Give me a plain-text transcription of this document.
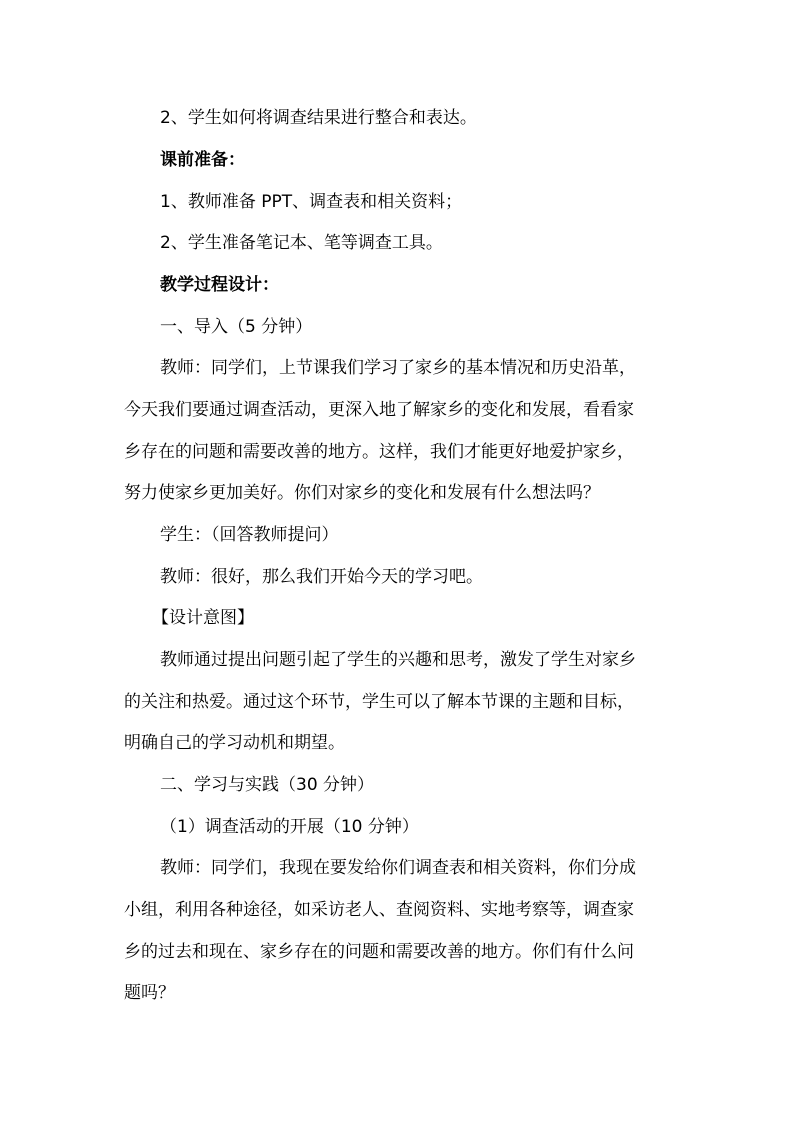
2、学生如何将调查结果进行整合和表达。
课前准备：
1、教师准备 PPT、调查表和相关资料；
2、学生准备笔记本、笔等调查工具。
教学过程设计：
一、导入（5 分钟）
教师：同学们，上节课我们学习了家乡的基本情况和历史沿革，
今天我们要通过调查活动，更深入地了解家乡的变化和发展，看看家
乡存在的问题和需要改善的地方。这样，我们才能更好地爱护家乡，
努力使家乡更加美好。你们对家乡的变化和发展有什么想法吗？
学生：（回答教师提问）
教师：很好，那么我们开始今天的学习吧。
【设计意图】
教师通过提出问题引起了学生的兴趣和思考，激发了学生对家乡
的关注和热爱。通过这个环节，学生可以了解本节课的主题和目标，
明确自己的学习动机和期望。
二、学习与实践（30 分钟）
（1）调查活动的开展（10 分钟）
教师：同学们，我现在要发给你们调查表和相关资料，你们分成
小组，利用各种途径，如采访老人、查阅资料、实地考察等，调查家
乡的过去和现在、家乡存在的问题和需要改善的地方。你们有什么问
题吗？
